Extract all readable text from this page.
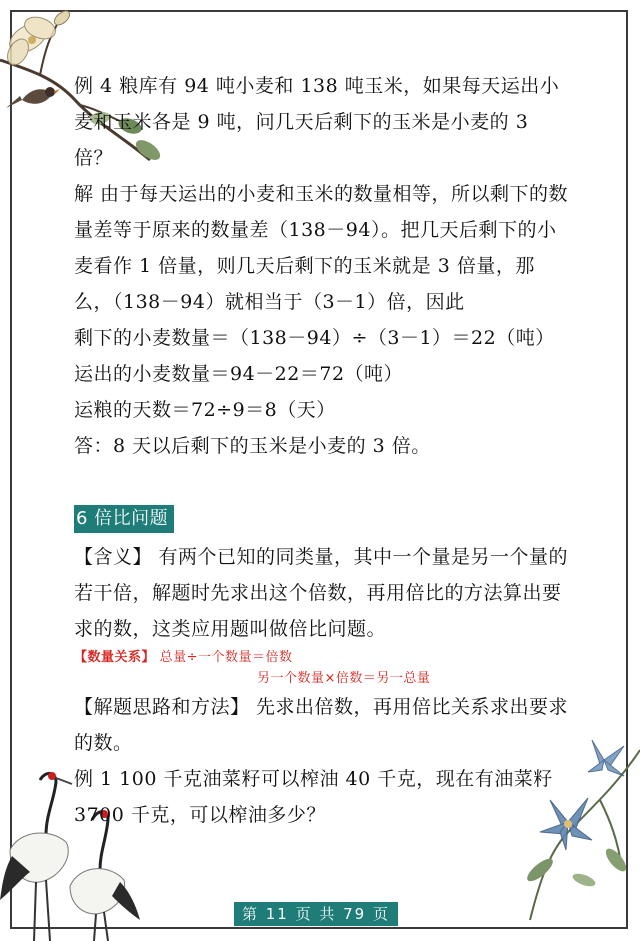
例 4 粮库有 94 吨小麦和 138 吨玉米，如果每天运出小麦和玉米各是 9 吨，问几天后剩下的玉米是小麦的 3 倍？

解 由于每天运出的小麦和玉米的数量相等，所以剩下的数量差等于原来的数量差（138－94）。把几天后剩下的小麦看作 1 倍量，则几天后剩下的玉米就是 3 倍量，那么，（138－94）就相当于（3－1）倍，因此

剩下的小麦数量＝（138－94）÷（3－1）＝22（吨）

运出的小麦数量＝94－22＝72（吨）

运粮的天数＝72÷9＝8（天）

答：8 天以后剩下的玉米是小麦的 3 倍。

6 倍比问题

【含义】 有两个已知的同类量，其中一个量是另一个量的若干倍，解题时先求出这个倍数，再用倍比的方法算出要求的数，这类应用题叫做倍比问题。

【数量关系】 总量÷一个数量＝倍数
另一个数量×倍数＝另一总量

【解题思路和方法】 先求出倍数，再用倍比关系求出要求的数。

例 1 100 千克油菜籽可以榨油 40 千克，现在有油菜籽 3700 千克，可以榨油多少？

第 11 页 共 79 页
